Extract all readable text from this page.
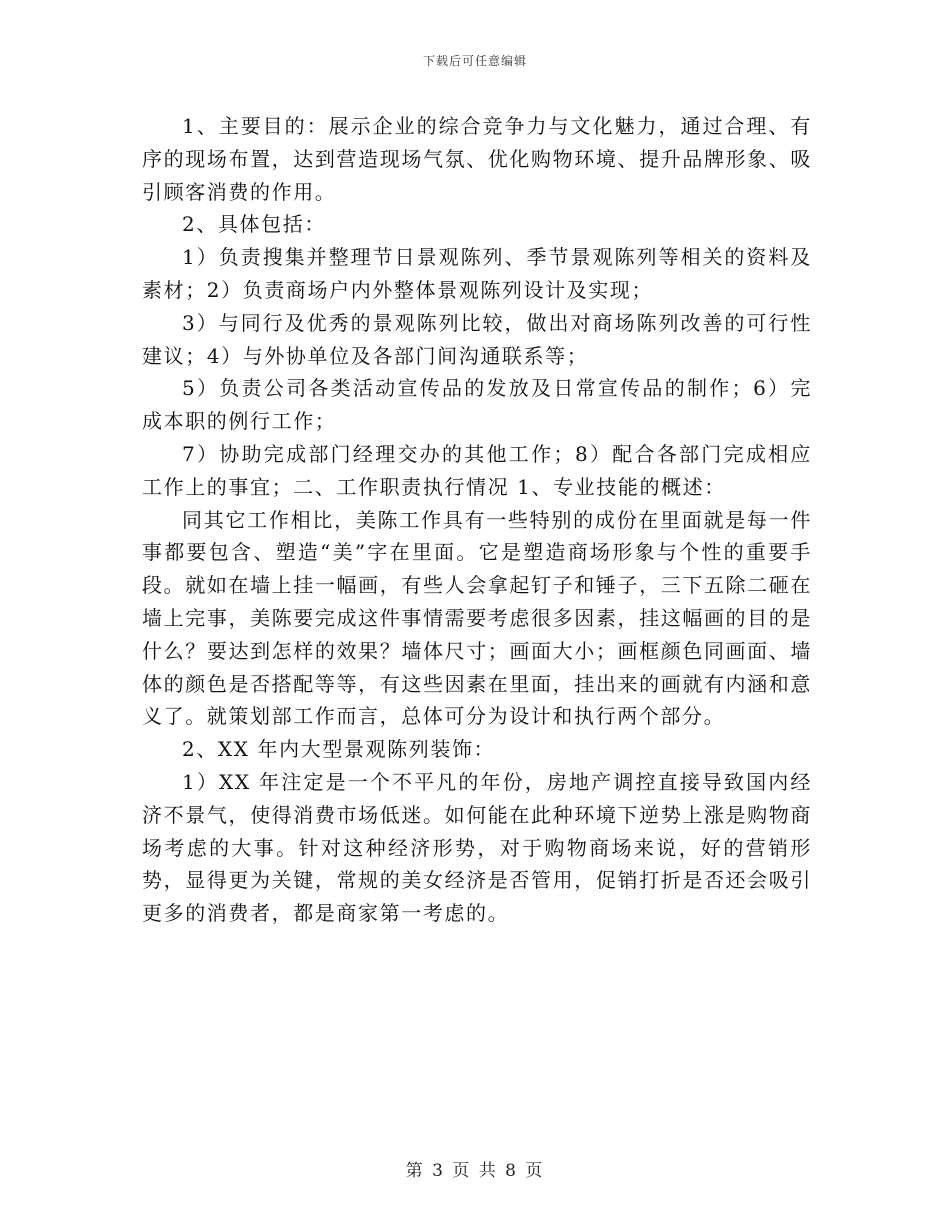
下载后可任意编辑

1、主要目的：展示企业的综合竞争力与文化魅力，通过合理、有序的现场布置，达到营造现场气氛、优化购物环境、提升品牌形象、吸引顾客消费的作用。

2、具体包括：

1）负责搜集并整理节日景观陈列、季节景观陈列等相关的资料及素材；2）负责商场户内外整体景观陈列设计及实现；

3）与同行及优秀的景观陈列比较，做出对商场陈列改善的可行性建议；4）与外协单位及各部门间沟通联系等；

5）负责公司各类活动宣传品的发放及日常宣传品的制作；6）完成本职的例行工作；

7）协助完成部门经理交办的其他工作；8）配合各部门完成相应工作上的事宜；二、工作职责执行情况 1、专业技能的概述：

同其它工作相比，美陈工作具有一些特别的成份在里面就是每一件事都要包含、塑造“美”字在里面。它是塑造商场形象与个性的重要手段。就如在墙上挂一幅画，有些人会拿起钉子和锤子，三下五除二砸在墙上完事，美陈要完成这件事情需要考虑很多因素，挂这幅画的目的是什么？要达到怎样的效果？墙体尺寸；画面大小；画框颜色同画面、墙体的颜色是否搭配等等，有这些因素在里面，挂出来的画就有内涵和意义了。就策划部工作而言，总体可分为设计和执行两个部分。

2、XX 年内大型景观陈列装饰：

1）XX 年注定是一个不平凡的年份，房地产调控直接导致国内经济不景气，使得消费市场低迷。如何能在此种环境下逆势上涨是购物商场考虑的大事。针对这种经济形势，对于购物商场来说，好的营销形势，显得更为关键，常规的美女经济是否管用，促销打折是否还会吸引更多的消费者，都是商家第一考虑的。

第 3 页 共 8 页
